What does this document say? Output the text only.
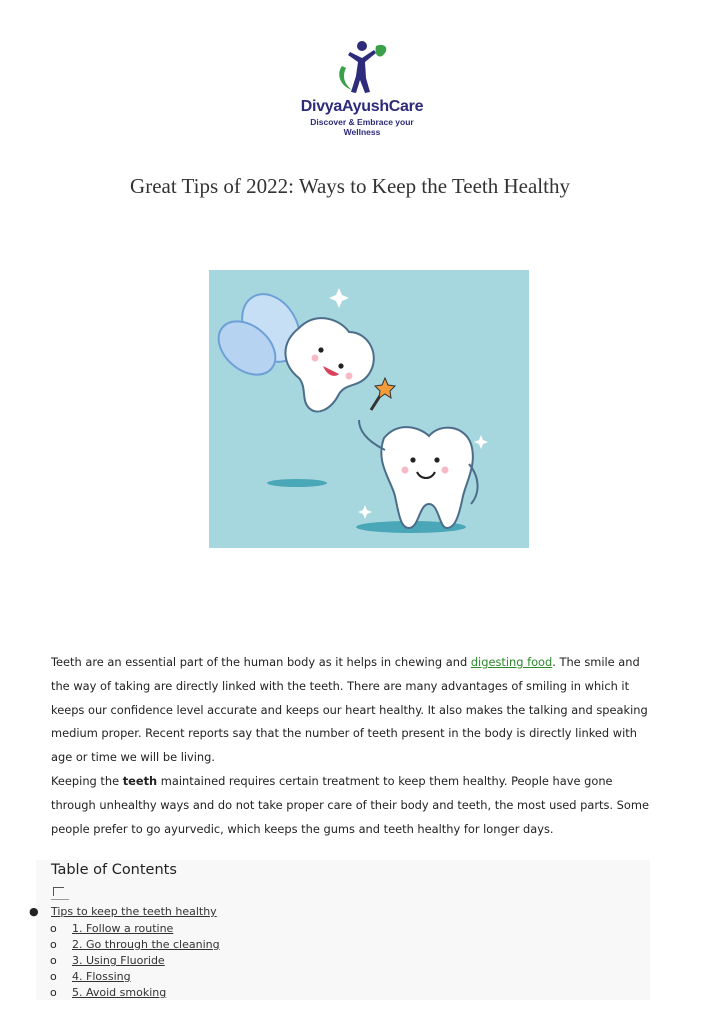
DivyaAyushCare
Discover & Embrace your Wellness
Great Tips of 2022: Ways to Keep the Teeth Healthy

Teeth are an essential part of the human body as it helps in chewing and digesting food. The smile and the way of taking are directly linked with the teeth. There are many advantages of smiling in which it keeps our confidence level accurate and keeps our heart healthy. It also makes the talking and speaking medium proper. Recent reports say that the number of teeth present in the body is directly linked with age or time we will be living.

Keeping the teeth maintained requires certain treatment to keep them healthy. People have gone through unhealthy ways and do not take proper care of their body and teeth, the most used parts. Some people prefer to go ayurvedic, which keeps the gums and teeth healthy for longer days.

Table of Contents
● Tips to keep the teeth healthy
o 1. Follow a routine
o 2. Go through the cleaning
o 3. Using Fluoride
o 4. Flossing
o 5. Avoid smoking
